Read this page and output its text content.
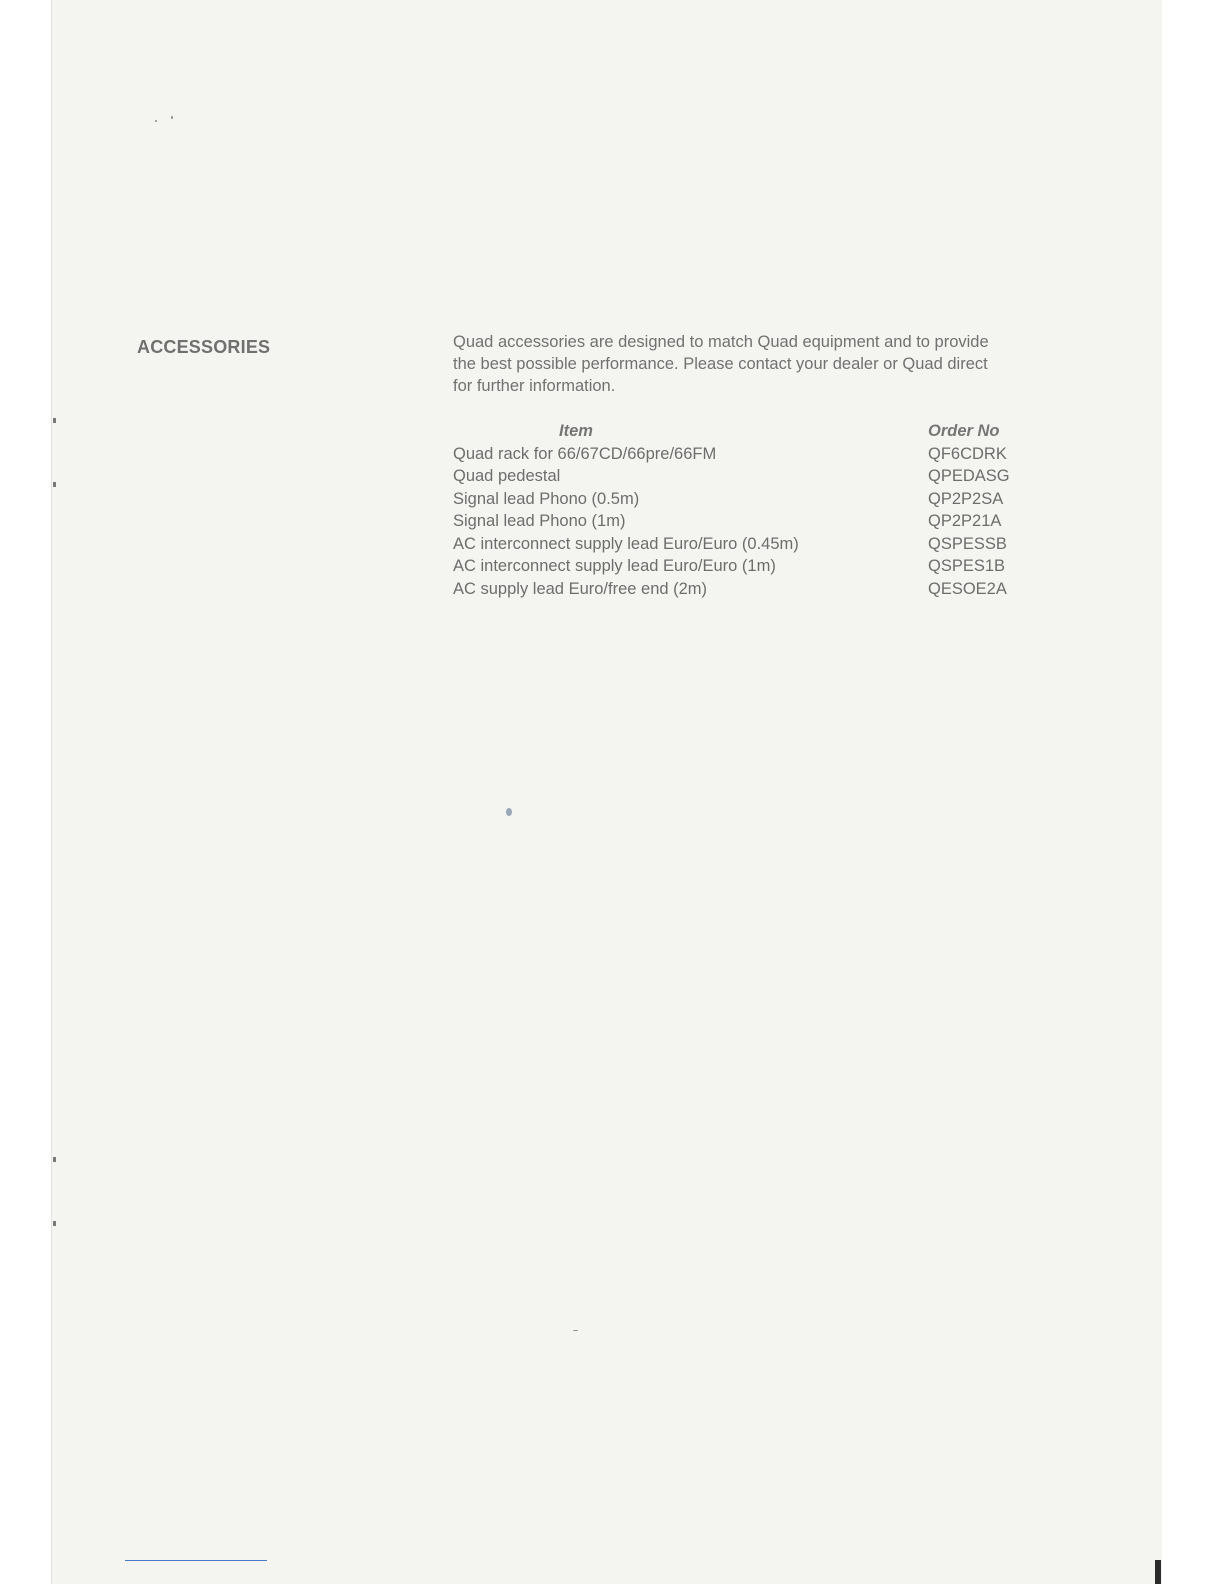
ACCESSORIES	Quad accessories are designed to match Quad equipment and to provide
the best possible performance. Please contact your dealer or Quad direct
for further information.

Item	Order No
Quad rack for 66/67CD/66pre/66FM	QF6CDRK
Quad pedestal	QPEDASG
Signal lead Phono (0.5m)	QP2P2SA
Signal lead Phono (1m)	QP2P21A
AC interconnect supply lead Euro/Euro (0.45m)	QSPESSB
AC interconnect supply lead Euro/Euro (1m)	QSPES1B
AC supply lead Euro/free end (2m)	QESOE2A
